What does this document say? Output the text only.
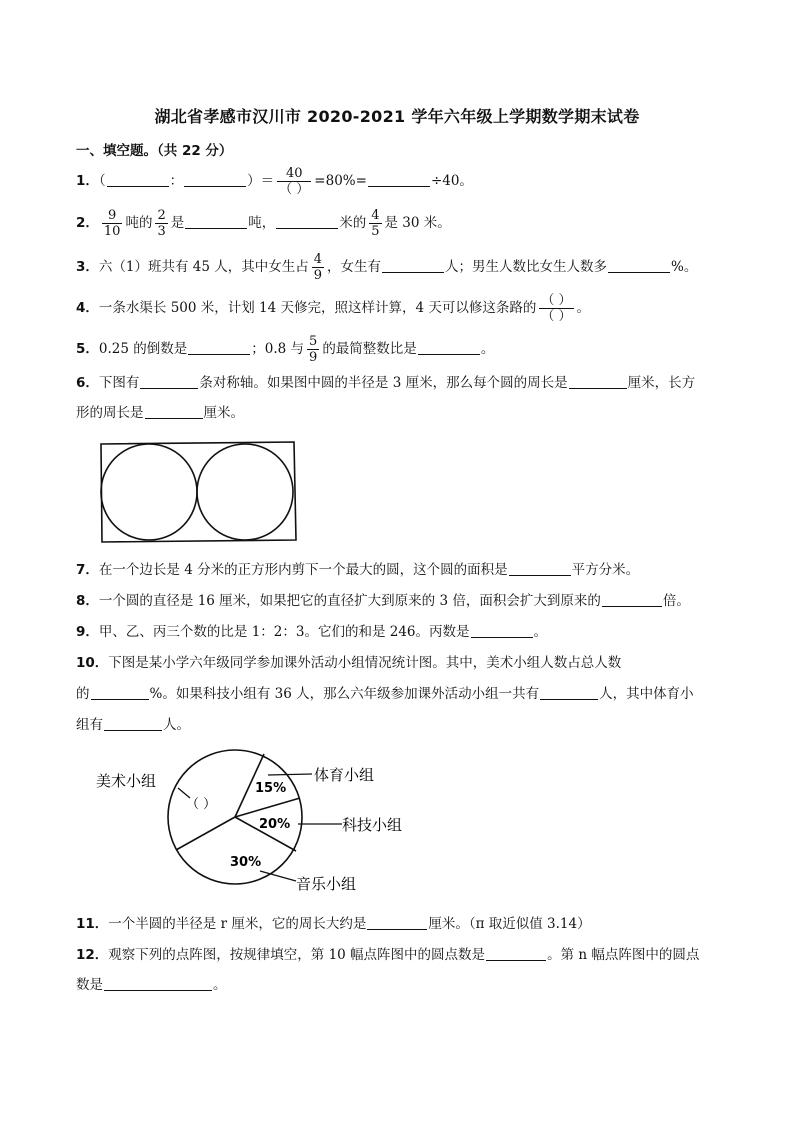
湖北省孝感市汉川市 2020-2021 学年六年级上学期数学期末试卷
一、填空题。（共 22 分）
1．（	：	）＝ $\frac{40}{( )} =80\%=$	÷40。
2． $\frac{9}{10}$ 吨的 $\frac{2}{3}$ 是	吨，	米的 $\frac{4}{5}$ 是 30 米。
3．六（1）班共有 45 人，其中女生占 $\frac{4}{9}$ ，女生有	人；男生人数比女生人数多	%。
4．一条水渠长 500 米，计划 14 天修完，照这样计算，4 天可以修这条路的 $\frac{( )}{( )}$ 。
5．0.25 的倒数是	；0.8 与 $\frac{5}{9}$ 的最简整数比是	。
6．下图有	条对称轴。如果图中圆的半径是 3 厘米，那么每个圆的周长是	厘米，长方
形的周长是	厘米。
7．在一个边长是 4 分米的正方形内剪下一个最大的圆，这个圆的面积是	平方分米。
8．一个圆的直径是 16 厘米，如果把它的直径扩大到原来的 3 倍，面积会扩大到原来的	倍。
9．甲、乙、丙三个数的比是 1：2：3。它们的和是 246。丙数是	。
10．下图是某小学六年级同学参加课外活动小组情况统计图。其中，美术小组人数占总人数
的	%。如果科技小组有 36 人，那么六年级参加课外活动小组一共有	人，其中体育小
组有	人。
15%
20%
30%
（ ）
美术小组	体育小组
科技小组
音乐小组
11．一个半圆的半径是 r 厘米，它的周长大约是	厘米。（π 取近似值 3.14）
12．观察下列的点阵图，按规律填空，第 10 幅点阵图中的圆点数是	。第 n 幅点阵图中的圆点
数是	。
